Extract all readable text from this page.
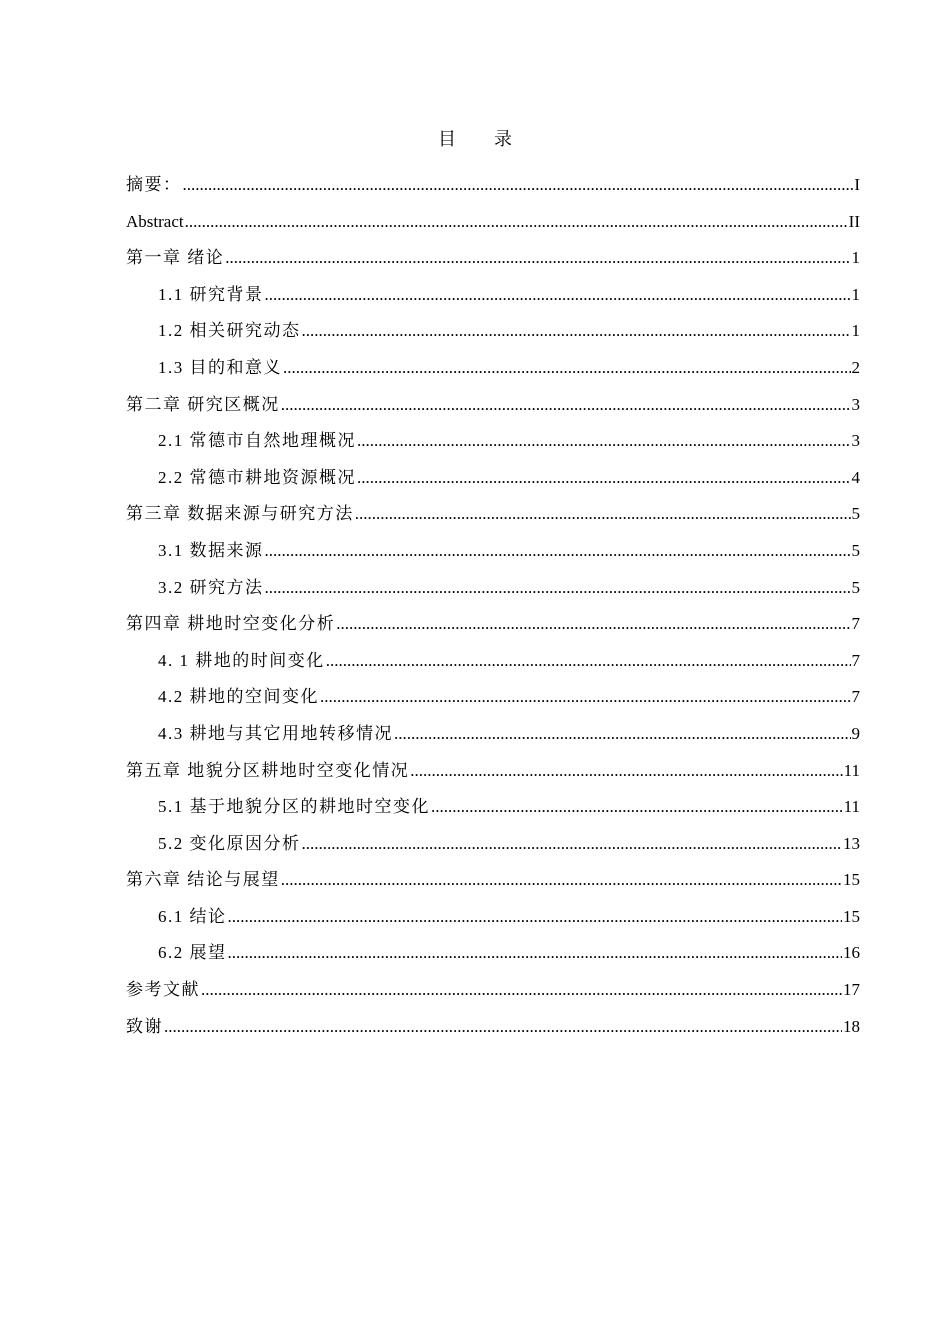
目 录
摘要： .....	I
Abstract .....	II
第一章 绪论 .....	1
1.1 研究背景 .....	1
1.2 相关研究动态 .....	1
1.3 目的和意义 .....	2
第二章 研究区概况 .....	3
2.1 常德市自然地理概况 .....	3
2.2 常德市耕地资源概况 .....	4
第三章 数据来源与研究方法 .....	5
3.1 数据来源 .....	5
3.2 研究方法 .....	5
第四章 耕地时空变化分析 .....	7
4. 1 耕地的时间变化 .....	7
4.2 耕地的空间变化 .....	7
4.3 耕地与其它用地转移情况 .....	9
第五章 地貌分区耕地时空变化情况 .....	11
5.1 基于地貌分区的耕地时空变化 .....	11
5.2 变化原因分析 .....	13
第六章 结论与展望 .....	15
6.1 结论 .....	15
6.2 展望 .....	16
参考文献 .....	17
致谢 .....	18
